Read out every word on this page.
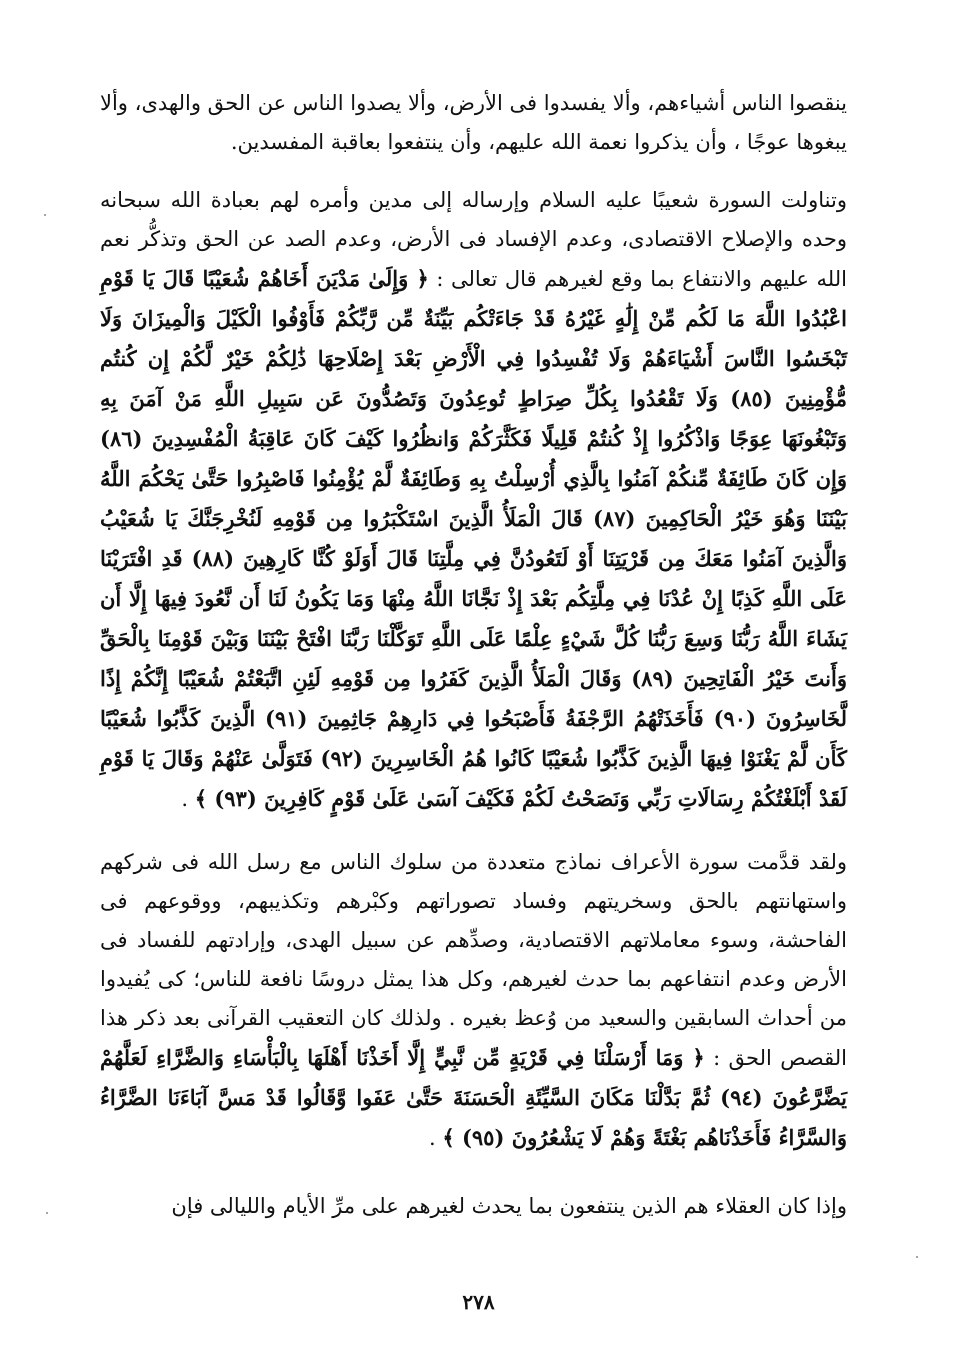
ينقصوا الناس أشياءهم، وألا يفسدوا فى الأرض، وألا يصدوا الناس عن الحق والهدى، وألا يبغوها عوجًا ، وأن يذكروا نعمة الله عليهم، وأن ينتفعوا بعاقبة المفسدين.

وتناولت السورة شعيبًا عليه السلام وإرساله إلى مدين وأمره لهم بعبادة الله سبحانه وحده والإصلاح الاقتصادى، وعدم الإفساد فى الأرض، وعدم الصد عن الحق وتذكُّر نعم الله عليهم والانتفاع بما وقع لغيرهم قال تعالى : ﴿ وَإِلَىٰ مَدْيَنَ أَخَاهُمْ شُعَيْبًا قَالَ يَا قَوْمِ اعْبُدُوا اللَّهَ مَا لَكُم مِّنْ إِلَٰهٍ غَيْرُهُ قَدْ جَاءَتْكُم بَيِّنَةٌ مِّن رَّبِّكُمْ فَأَوْفُوا الْكَيْلَ وَالْمِيزَانَ وَلَا تَبْخَسُوا النَّاسَ أَشْيَاءَهُمْ وَلَا تُفْسِدُوا فِي الْأَرْضِ بَعْدَ إِصْلَاحِهَا ذَٰلِكُمْ خَيْرٌ لَّكُمْ إِن كُنتُم مُّؤْمِنِينَ (٨٥) وَلَا تَقْعُدُوا بِكُلِّ صِرَاطٍ تُوعِدُونَ وَتَصُدُّونَ عَن سَبِيلِ اللَّهِ مَنْ آمَنَ بِهِ وَتَبْغُونَهَا عِوَجًا وَاذْكُرُوا إِذْ كُنتُمْ قَلِيلًا فَكَثَّرَكُمْ وَانظُرُوا كَيْفَ كَانَ عَاقِبَةُ الْمُفْسِدِينَ (٨٦) وَإِن كَانَ طَائِفَةٌ مِّنكُمْ آمَنُوا بِالَّذِي أُرْسِلْتُ بِهِ وَطَائِفَةٌ لَّمْ يُؤْمِنُوا فَاصْبِرُوا حَتَّىٰ يَحْكُمَ اللَّهُ بَيْنَنَا وَهُوَ خَيْرُ الْحَاكِمِينَ (٨٧) قَالَ الْمَلَأُ الَّذِينَ اسْتَكْبَرُوا مِن قَوْمِهِ لَنُخْرِجَنَّكَ يَا شُعَيْبُ وَالَّذِينَ آمَنُوا مَعَكَ مِن قَرْيَتِنَا أَوْ لَتَعُودُنَّ فِي مِلَّتِنَا قَالَ أَوَلَوْ كُنَّا كَارِهِينَ (٨٨) قَدِ افْتَرَيْنَا عَلَى اللَّهِ كَذِبًا إِنْ عُدْنَا فِي مِلَّتِكُم بَعْدَ إِذْ نَجَّانَا اللَّهُ مِنْهَا وَمَا يَكُونُ لَنَا أَن نَّعُودَ فِيهَا إِلَّا أَن يَشَاءَ اللَّهُ رَبُّنَا وَسِعَ رَبُّنَا كُلَّ شَيْءٍ عِلْمًا عَلَى اللَّهِ تَوَكَّلْنَا رَبَّنَا افْتَحْ بَيْنَنَا وَبَيْنَ قَوْمِنَا بِالْحَقِّ وَأَنتَ خَيْرُ الْفَاتِحِينَ (٨٩) وَقَالَ الْمَلَأُ الَّذِينَ كَفَرُوا مِن قَوْمِهِ لَئِنِ اتَّبَعْتُمْ شُعَيْبًا إِنَّكُمْ إِذًا لَّخَاسِرُونَ (٩٠) فَأَخَذَتْهُمُ الرَّجْفَةُ فَأَصْبَحُوا فِي دَارِهِمْ جَاثِمِينَ (٩١) الَّذِينَ كَذَّبُوا شُعَيْبًا كَأَن لَّمْ يَغْنَوْا فِيهَا الَّذِينَ كَذَّبُوا شُعَيْبًا كَانُوا هُمُ الْخَاسِرِينَ (٩٢) فَتَوَلَّىٰ عَنْهُمْ وَقَالَ يَا قَوْمِ لَقَدْ أَبْلَغْتُكُمْ رِسَالَاتِ رَبِّي وَنَصَحْتُ لَكُمْ فَكَيْفَ آسَىٰ عَلَىٰ قَوْمٍ كَافِرِينَ (٩٣) ﴾ .

ولقد قدَّمت سورة الأعراف نماذج متعددة من سلوك الناس مع رسل الله فى شركهم واستهانتهم بالحق وسخريتهم وفساد تصوراتهم وكبْرهم وتكذيبهم، ووقوعهم فى الفاحشة، وسوء معاملاتهم الاقتصادية، وصدِّهم عن سبيل الهدى، وإرادتهم للفساد فى الأرض وعدم انتفاعهم بما حدث لغيرهم، وكل هذا يمثل دروسًا نافعة للناس؛ كى يُفيدوا من أحداث السابقين والسعيد من وُعظ بغيره . ولذلك كان التعقيب القرآنى بعد ذكر هذا القصص الحق : ﴿ وَمَا أَرْسَلْنَا فِي قَرْيَةٍ مِّن نَّبِيٍّ إِلَّا أَخَذْنَا أَهْلَهَا بِالْبَأْسَاءِ وَالضَّرَّاءِ لَعَلَّهُمْ يَضَّرَّعُونَ (٩٤) ثُمَّ بَدَّلْنَا مَكَانَ السَّيِّئَةِ الْحَسَنَةَ حَتَّىٰ عَفَوا وَّقَالُوا قَدْ مَسَّ آبَاءَنَا الضَّرَّاءُ وَالسَّرَّاءُ فَأَخَذْنَاهُم بَغْتَةً وَهُمْ لَا يَشْعُرُونَ (٩٥) ﴾ .

وإذا كان العقلاء هم الذين ينتفعون بما يحدث لغيرهم على مرِّ الأيام والليالى فإن

٢٧٨
